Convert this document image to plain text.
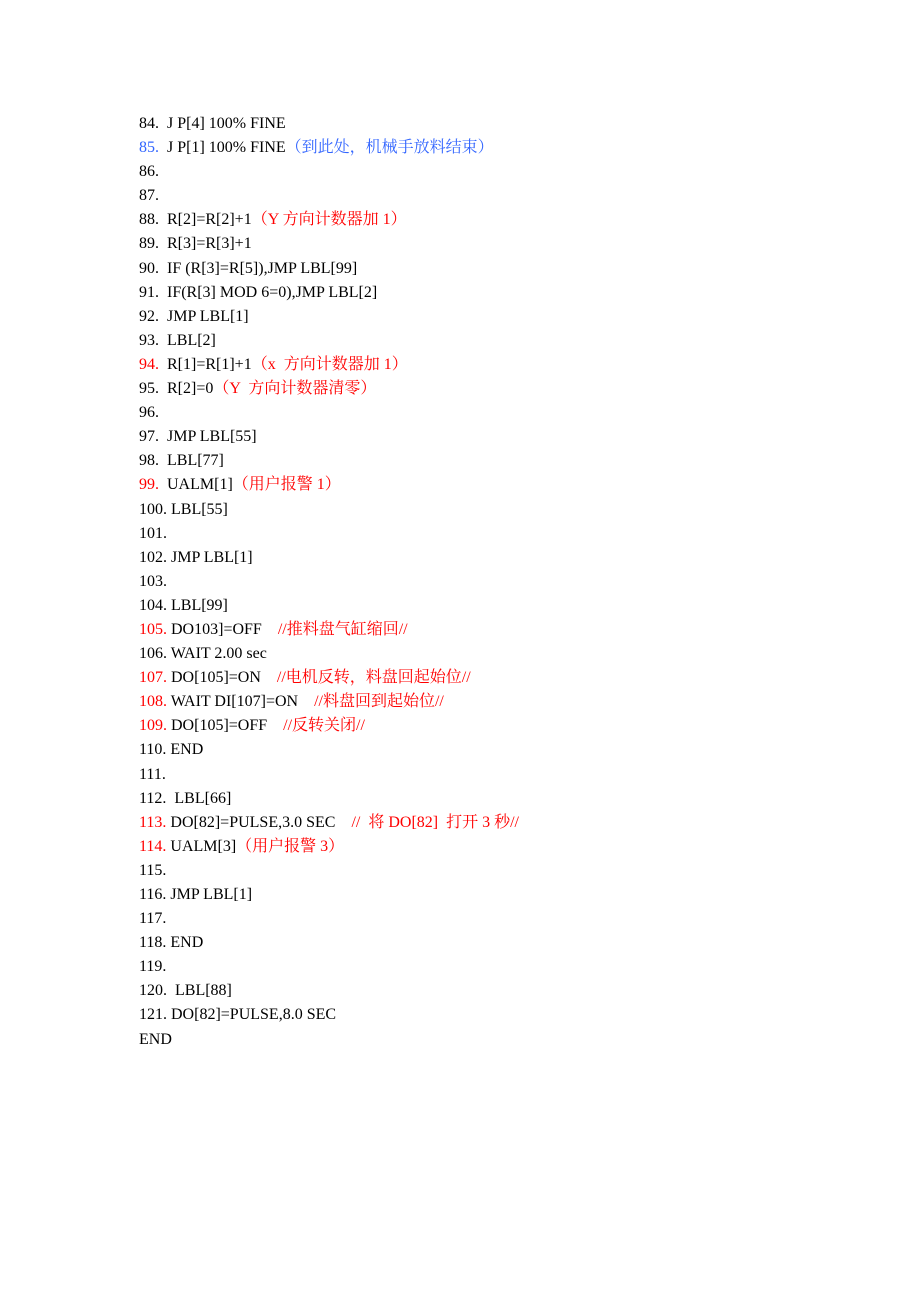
84. J P[4] 100% FINE
85. J P[1] 100% FINE（到此处，机械手放料结束）
86.
87.
88. R[2]=R[2]+1（Y 方向计数器加 1）
89. R[3]=R[3]+1
90. IF (R[3]=R[5]),JMP LBL[99]
91. IF(R[3] MOD 6=0),JMP LBL[2]
92. JMP LBL[1]
93. LBL[2]
94. R[1]=R[1]+1（x  方向计数器加 1）
95. R[2]=0（Y  方向计数器清零）
96.
97. JMP LBL[55]
98. LBL[77]
99. UALM[1]（用户报警 1）
100. LBL[55]
101.
102. JMP LBL[1]
103.
104. LBL[99]
105. DO103]=OFF    //推料盘气缸缩回//
106. WAIT 2.00 sec
107. DO[105]=ON    //电机反转，料盘回起始位//
108. WAIT DI[107]=ON    //料盘回到起始位//
109. DO[105]=OFF    //反转关闭//
110. END
111.
112. LBL[66]
113. DO[82]=PULSE,3.0 SEC    //  将 DO[82]  打开 3 秒//
114. UALM[3]（用户报警 3）
115.
116. JMP LBL[1]
117.
118. END
119.
120. LBL[88]
121. DO[82]=PULSE,8.0 SEC
END
